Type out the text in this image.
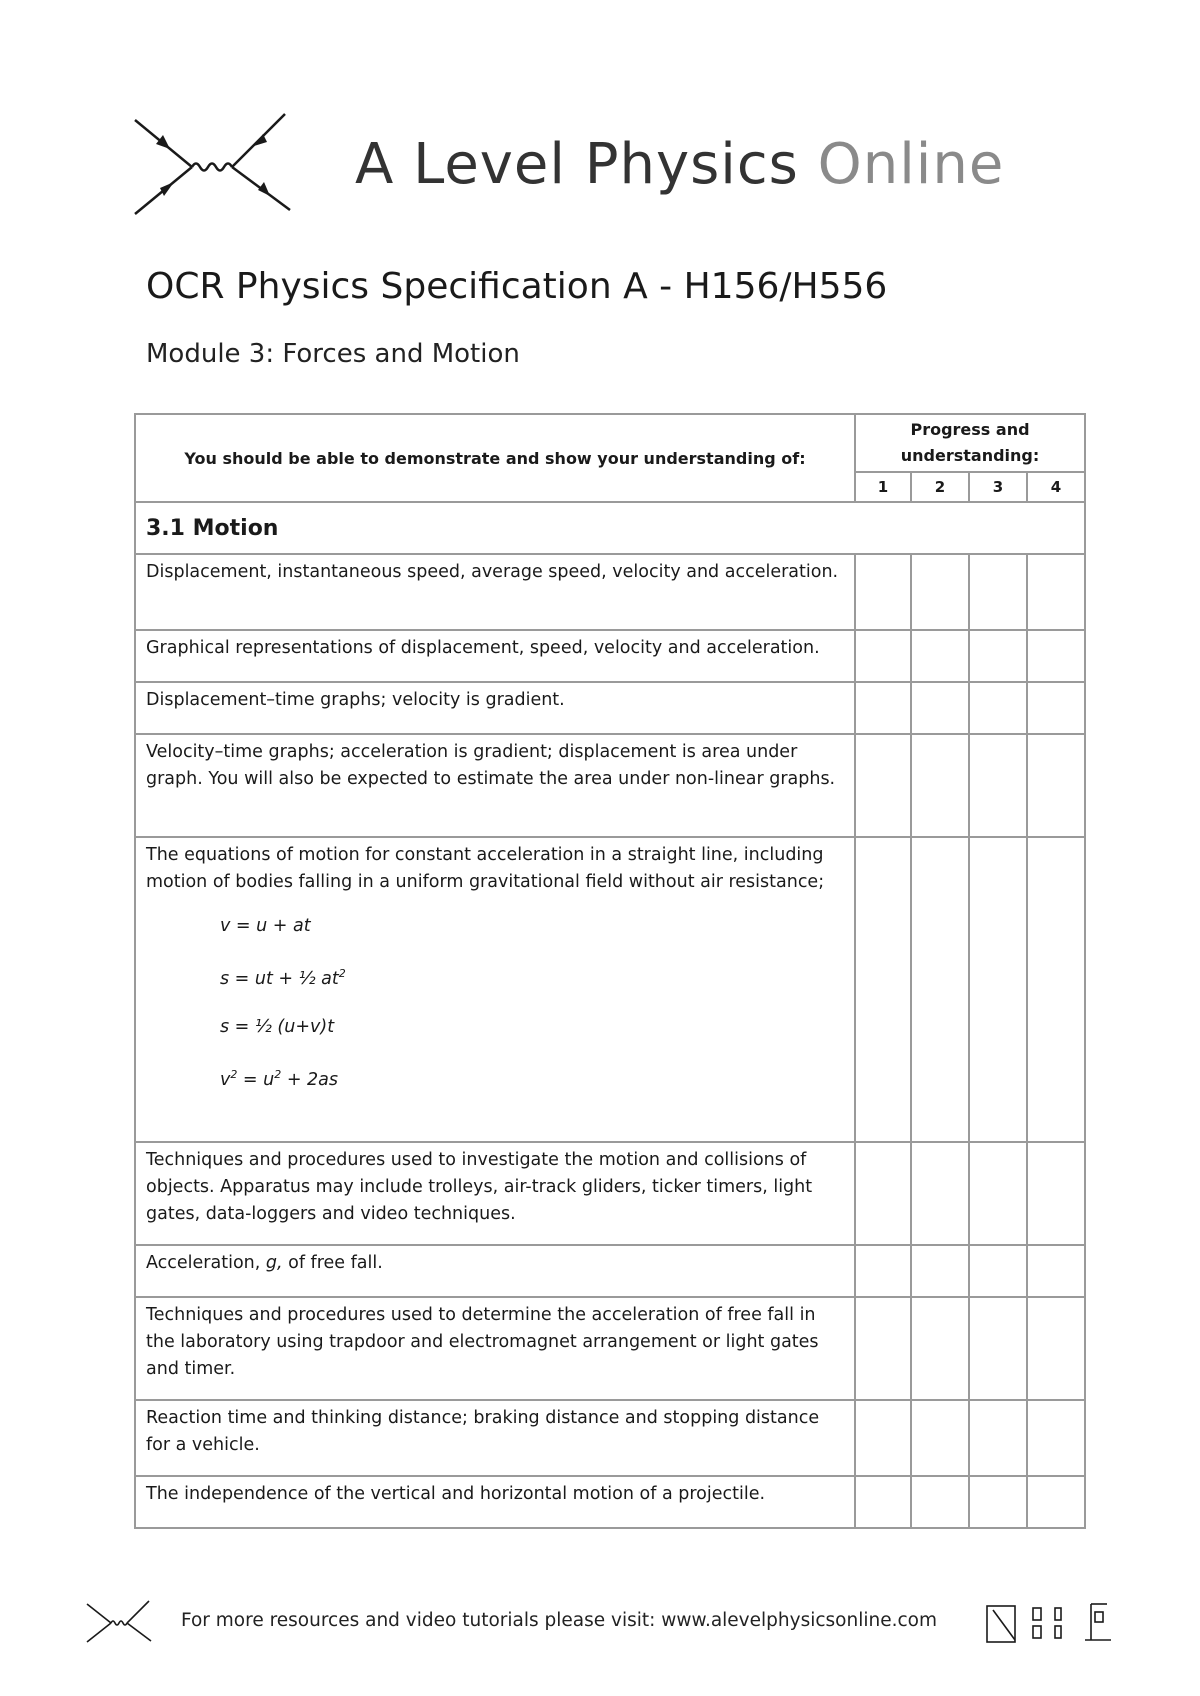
A Level Physics Online
OCR Physics Specification A - H156/H556
Module 3: Forces and Motion
You should be able to demonstrate and show your understanding of:	Progress and
understanding:			
	1	2	3	4
3.1 Motion				
Displacement, instantaneous speed, average speed, velocity and acceleration.				
Graphical representations of displacement, speed, velocity and acceleration.				
Displacement–time graphs; velocity is gradient.				
Velocity–time graphs; acceleration is gradient; displacement is area under graph. You will also be expected to estimate the area under non-linear graphs.				
The equations of motion for constant acceleration in a straight line, including motion of bodies falling in a uniform gravitational field without air resistance;
v = u + at
s = ut + ½ $at^2$
s = ½ (u+v)t
$v^2 = u^2 + 2as$				

Techniques and procedures used to investigate the motion and collisions of objects. Apparatus may include trolleys, air-track gliders, ticker timers, light gates, data-loggers and video techniques.				
Acceleration, g, of free fall.				
Techniques and procedures used to determine the acceleration of free fall in the laboratory using trapdoor and electromagnet arrangement or light gates and timer.				
Reaction time and thinking distance; braking distance and stopping distance for a vehicle.				
The independence of the vertical and horizontal motion of a projectile.				
For more resources and video tutorials please visit: www.alevelphysicsonline.com
